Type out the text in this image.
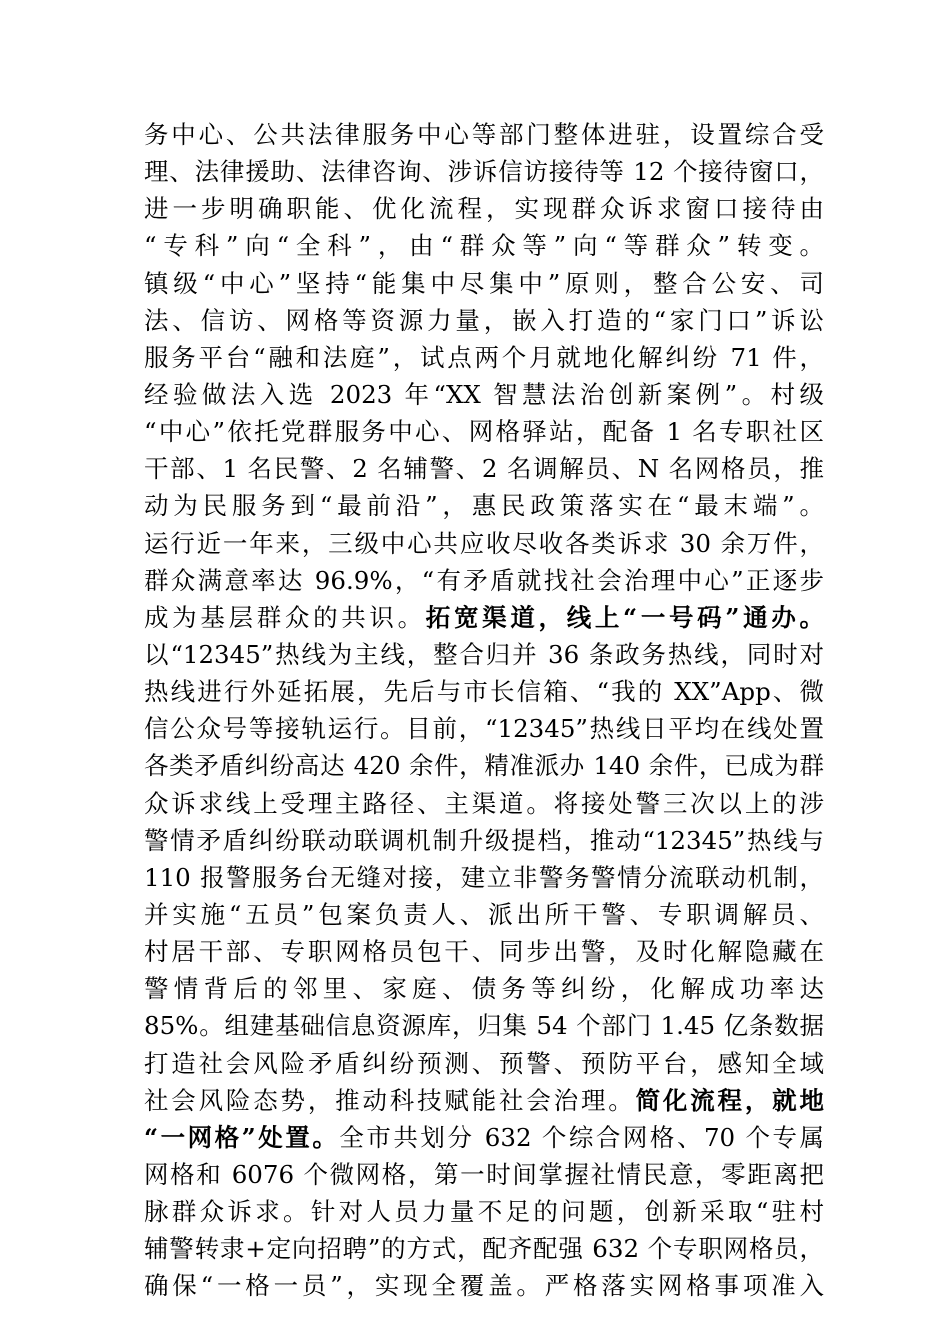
务中心、公共法律服务中心等部门整体进驻，设置综合受
理、法律援助、法律咨询、涉诉信访接待等 12 个接待窗口，
进一步明确职能、优化流程，实现群众诉求窗口接待由
“专科”向“全科”，由“群众等”向“等群众”转变。
镇级“中心”坚持“能集中尽集中”原则，整合公安、司
法、信访、网格等资源力量，嵌入打造的“家门口”诉讼
服务平台“融和法庭”，试点两个月就地化解纠纷 71 件，
经验做法入选 2023 年“XX 智慧法治创新案例”。村级
“中心”依托党群服务中心、网格驿站，配备 1 名专职社区
干部、1 名民警、2 名辅警、2 名调解员、N 名网格员，推
动为民服务到“最前沿”，惠民政策落实在“最末端”。
运行近一年来，三级中心共应收尽收各类诉求 30 余万件，
群众满意率达 96.9%，“有矛盾就找社会治理中心”正逐步
成为基层群众的共识。拓宽渠道，线上“一号码”通办。
以“12345”热线为主线，整合归并 36 条政务热线，同时对
热线进行外延拓展，先后与市长信箱、“我的 XX”App、微
信公众号等接轨运行。目前，“12345”热线日平均在线处置
各类矛盾纠纷高达 420 余件，精准派办 140 余件，已成为群
众诉求线上受理主路径、主渠道。将接处警三次以上的涉
警情矛盾纠纷联动联调机制升级提档，推动“12345”热线与
110 报警服务台无缝对接，建立非警务警情分流联动机制，
并实施“五员”包案负责人、派出所干警、专职调解员、
村居干部、专职网格员包干、同步出警，及时化解隐藏在
警情背后的邻里、家庭、债务等纠纷，化解成功率达
85%。组建基础信息资源库，归集 54 个部门 1.45 亿条数据
打造社会风险矛盾纠纷预测、预警、预防平台，感知全域
社会风险态势，推动科技赋能社会治理。简化流程，就地
“一网格”处置。全市共划分 632 个综合网格、70 个专属
网格和 6076 个微网格，第一时间掌握社情民意，零距离把
脉群众诉求。针对人员力量不足的问题，创新采取“驻村
辅警转隶+定向招聘”的方式，配齐配强 632 个专职网格员，
确保“一格一员”，实现全覆盖。严格落实网格事项准入
